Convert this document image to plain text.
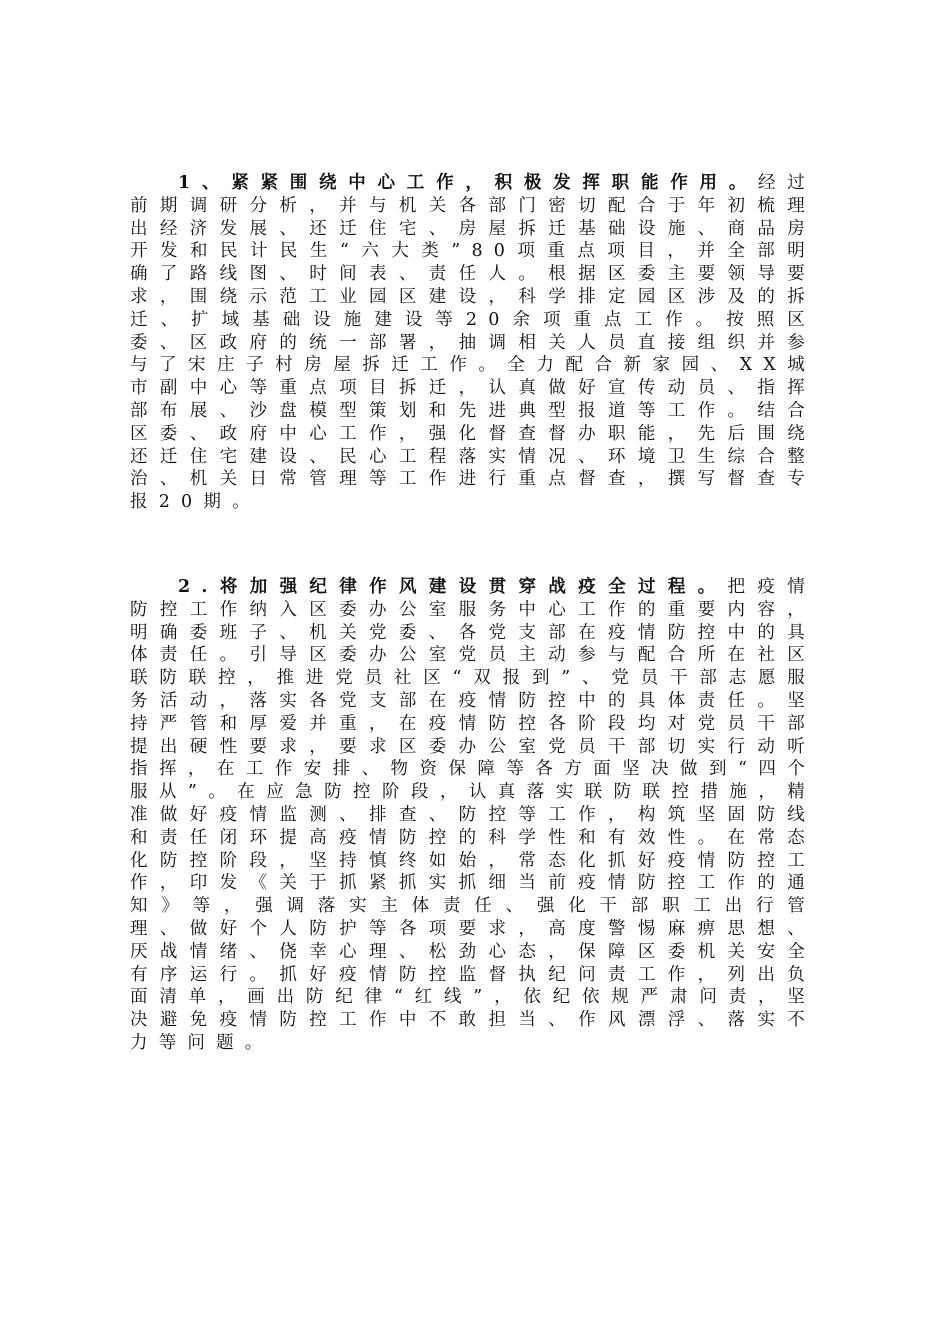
1、紧紧围绕中心工作，积极发挥职能作用。经过前期调研分析，并与机关各部门密切配合于年初梳理出经济发展、还迁住宅、房屋拆迁基础设施、商品房开发和民计民生“六大类”80项重点项目，并全部明确了路线图、时间表、责任人。根据区委主要领导要求，围绕示范工业园区建设，科学排定园区涉及的拆迁、扩域基础设施建设等20余项重点工作。按照区委、区政府的统一部署，抽调相关人员直接组织并参与了宋庄子村房屋拆迁工作。全力配合新家园、XX城市副中心等重点项目拆迁，认真做好宣传动员、指挥部布展、沙盘模型策划和先进典型报道等工作。结合区委、政府中心工作，强化督查督办职能，先后围绕还迁住宅建设、民心工程落实情况、环境卫生综合整治、机关日常管理等工作进行重点督查，撰写督查专报20期。

2.将加强纪律作风建设贯穿战疫全过程。把疫情防控工作纳入区委办公室服务中心工作的重要内容，明确委班子、机关党委、各党支部在疫情防控中的具体责任。引导区委办公室党员主动参与配合所在社区联防联控，推进党员社区“双报到”、党员干部志愿服务活动，落实各党支部在疫情防控中的具体责任。坚持严管和厚爱并重，在疫情防控各阶段均对党员干部提出硬性要求，要求区委办公室党员干部切实行动听指挥，在工作安排、物资保障等各方面坚决做到“四个服从”。在应急防控阶段，认真落实联防联控措施，精准做好疫情监测、排查、防控等工作，构筑坚固防线和责任闭环提高疫情防控的科学性和有效性。在常态化防控阶段，坚持慎终如始，常态化抓好疫情防控工作，印发《关于抓紧抓实抓细当前疫情防控工作的通知》等，强调落实主体责任、强化干部职工出行管理、做好个人防护等各项要求，高度警惕麻痹思想、厌战情绪、侥幸心理、松劲心态，保障区委机关安全有序运行。抓好疫情防控监督执纪问责工作，列出负面清单，画出防纪律“红线”，依纪依规严肃问责，坚决避免疫情防控工作中不敢担当、作风漂浮、落实不力等问题。
